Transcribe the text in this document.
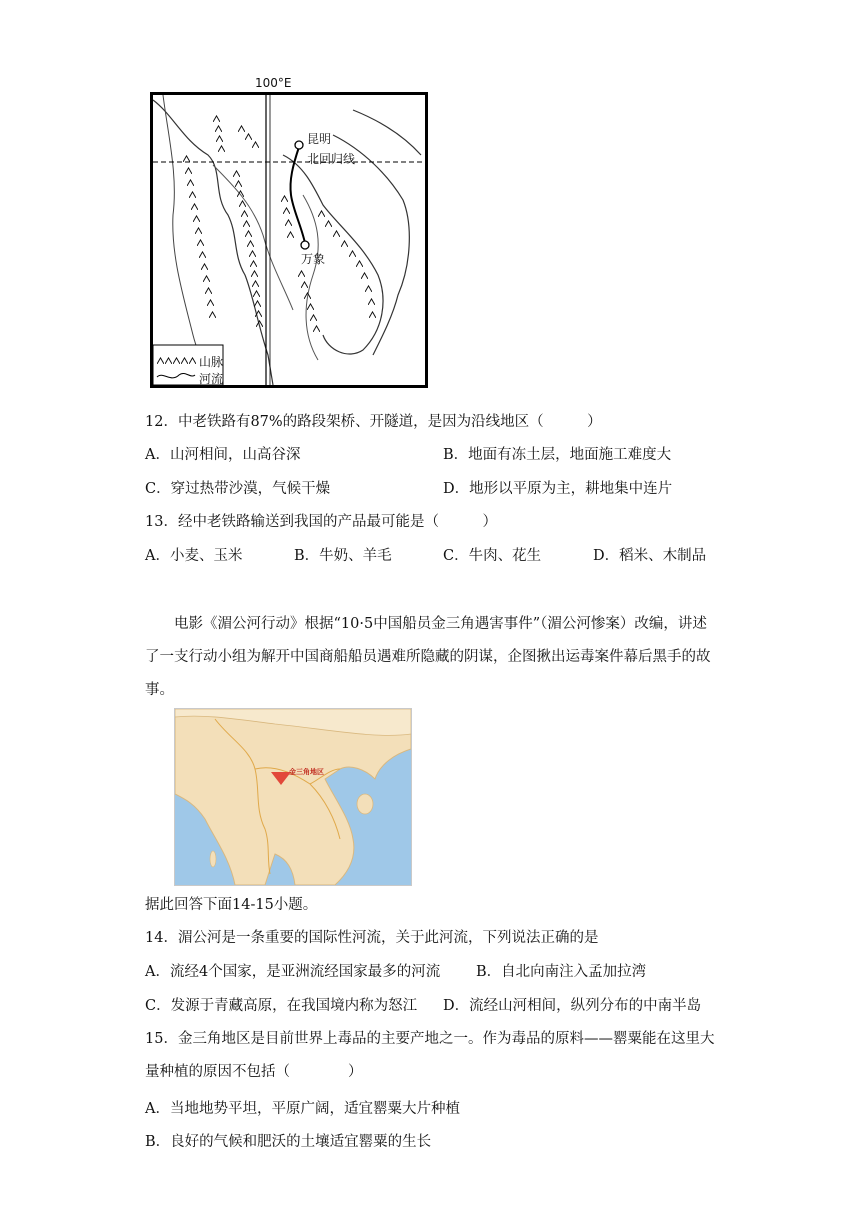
100°E
昆明
北回归线
万象
山脉
河流
12．中老铁路有87%的路段架桥、开隧道，是因为沿线地区（　　　）
A．山河相间，山高谷深	B．地面有冻土层，地面施工难度大
C．穿过热带沙漠，气候干燥	D．地形以平原为主，耕地集中连片
13．经中老铁路输送到我国的产品最可能是（　　　）
A．小麦、玉米	B．牛奶、羊毛	C．牛肉、花生	D．稻米、木制品
电影《湄公河行动》根据“10·5中国船员金三角遇害事件”（湄公河惨案）改编，讲述了一支行动小组为解开中国商船船员遇难所隐藏的阴谋，企图揪出运毒案件幕后黑手的故事。
金三角地区
据此回答下面14-15小题。
14．湄公河是一条重要的国际性河流，关于此河流，下列说法正确的是
A．流经4个国家，是亚洲流经国家最多的河流 B．自北向南注入孟加拉湾
C．发源于青藏高原，在我国境内称为怒江 D．流经山河相间，纵列分布的中南半岛
15．金三角地区是目前世界上毒品的主要产地之一。作为毒品的原料——罂粟能在这里大量种植的原因不包括（　　　　）
A．当地地势平坦，平原广阔，适宜罂粟大片种植
B．良好的气候和肥沃的土壤适宜罂粟的生长
